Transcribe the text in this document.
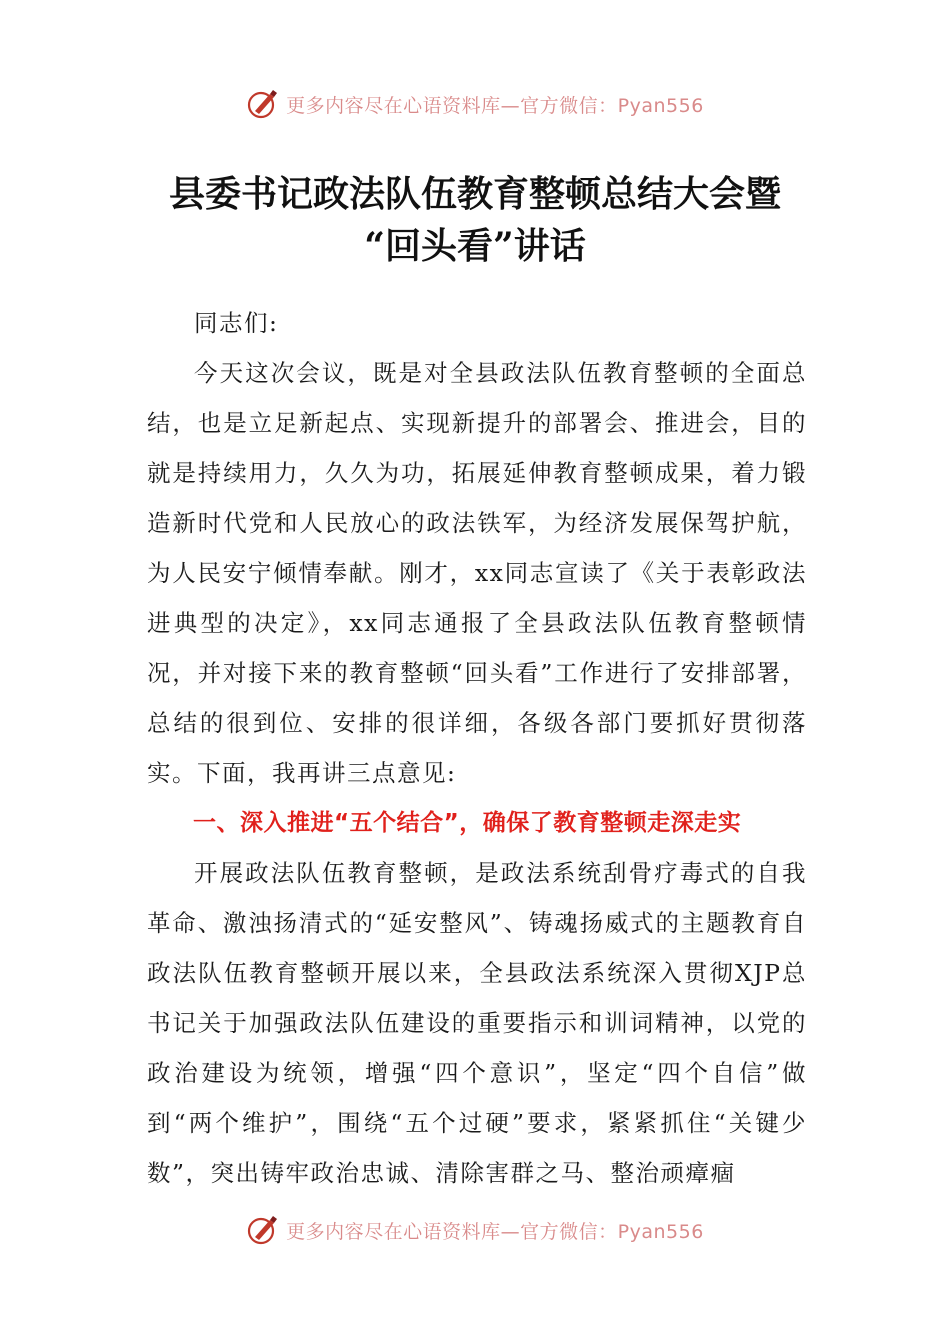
更多内容尽在心语资料库—官方微信：Pyan556
县委书记政法队伍教育整顿总结大会暨
“回头看”讲话

同志们:

今天这次会议，既是对全县政法队伍教育整顿的全面总结，也是立足新起点、实现新提升的部署会、推进会，目的就是持续用力，久久为功，拓展延伸教育整顿成果，着力锻造新时代党和人民放心的政法铁军，为经济发展保驾护航，为人民安宁倾情奉献。刚才，xx同志宣读了《关于表彰政法进典型的决定》，xx同志通报了全县政法队伍教育整顿情况，并对接下来的教育整顿“回头看”工作进行了安排部署，总结的很到位、安排的很详细，各级各部门要抓好贯彻落实。下面，我再讲三点意见:

一、深入推进“五个结合”，确保了教育整顿走深走实

开展政法队伍教育整顿，是政法系统刮骨疗毒式的自我革命、激浊扬清式的“延安整风”、铸魂扬威式的主题教育自政法队伍教育整顿开展以来，全县政法系统深入贯彻XJP总书记关于加强政法队伍建设的重要指示和训词精神，以党的政治建设为统领，增强“四个意识”，坚定“四个自信”做到“两个维护”，围绕“五个过硬”要求，紧紧抓住“关键少数”，突出铸牢政治忠诚、清除害群之马、整治顽瘴痼

更多内容尽在心语资料库—官方微信：Pyan556
